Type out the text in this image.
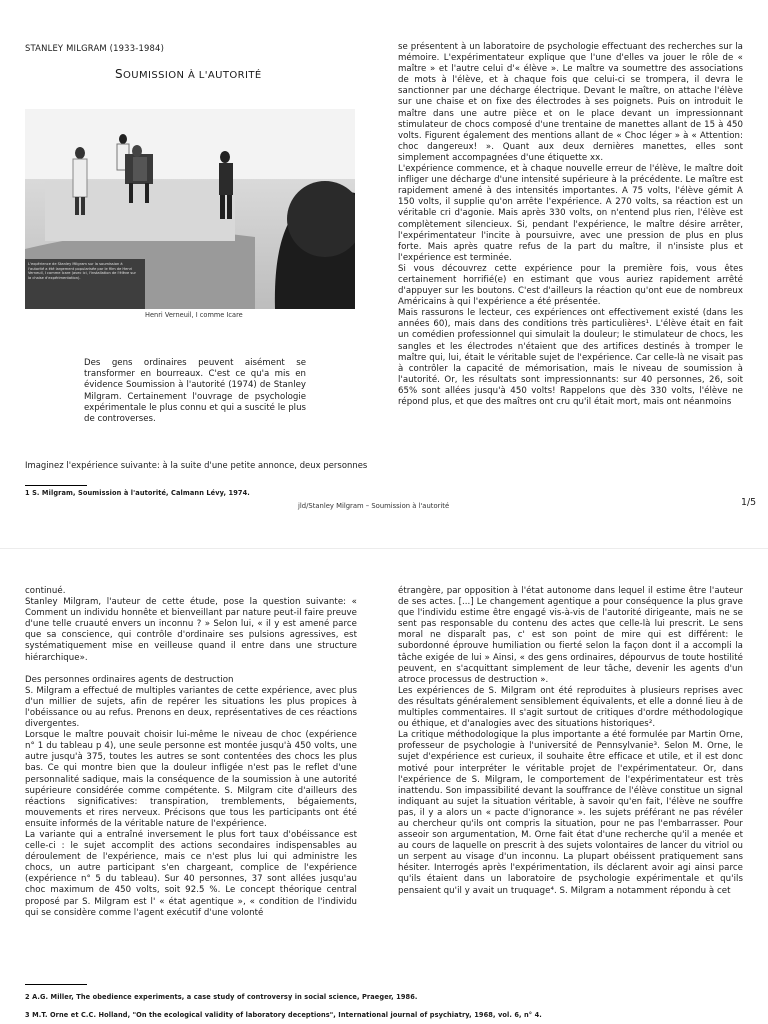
STANLEY MILGRAM (1933-1984)
SOUMISSION À L'AUTORITÉ
L'expérience de Stanley Milgram sur la soumission à l'autorité a été largement popularisée par le film de Henri Verneuil, I comme Icare (avec ici, l'installation de l'élève sur la chaise d'expérimentation).
Henri Verneuil, I comme Icare
Des gens ordinaires peuvent aisément se transformer en bourreaux. C'est ce qu'a mis en évidence Soumission à l'autorité (1974) de Stanley Milgram. Certainement l'ouvrage de psychologie expérimentale le plus connu et qui a suscité le plus de controverses.
Imaginez l'expérience suivante: à la suite d'une petite annonce, deux personnes

se présentent à un laboratoire de psychologie effectuant des recherches sur la mémoire. L'expérimentateur explique que l'une d'elles va jouer le rôle de « maître » et l'autre celui d'« élève ». Le maître va soumettre des associations de mots à l'élève, et à chaque fois que celui-ci se trompera, il devra le sanctionner par une décharge électrique. Devant le maître, on attache l'élève sur une chaise et on fixe des électrodes à ses poignets. Puis on introduit le maître dans une autre pièce et on le place devant un impressionnant stimulateur de chocs composé d'une trentaine de manettes allant de 15 à 450 volts. Figurent également des mentions allant de « Choc léger » à « Attention: choc dangereux! ». Quant aux deux dernières manettes, elles sont simplement accompagnées d'une étiquette xx.

L'expérience commence, et à chaque nouvelle erreur de l'élève, le maître doit infliger une décharge d'une intensité supérieure à la précédente. Le maître est rapidement amené à des intensités importantes. A 75 volts, l'élève gémit A 150 volts, il supplie qu'on arrête l'expérience. A 270 volts, sa réaction est un véritable cri d'agonie. Mais après 330 volts, on n'entend plus rien, l'élève est complètement silencieux. Si, pendant l'expérience, le maître désire arrêter, l'expérimentateur l'incite à poursuivre, avec une pression de plus en plus forte. Mais après quatre refus de la part du maître, il n'insiste plus et l'expérience est terminée.

Si vous découvrez cette expérience pour la première fois, vous êtes certainement horrifié(e) en estimant que vous auriez rapidement arrêté d'appuyer sur les boutons. C'est d'ailleurs la réaction qu'ont eue de nombreux Américains à qui l'expérience a été présentée.

Mais rassurons le lecteur, ces expériences ont effectivement existé (dans les années 60), mais dans des conditions très particulières¹. L'élève était en fait un comédien professionnel qui simulait la douleur; le stimulateur de chocs, les sangles et les électrodes n'étaient que des artifices destinés à tromper le maître qui, lui, était le véritable sujet de l'expérience. Car celle-là ne visait pas à contrôler la capacité de mémorisation, mais le niveau de soumission à l'autorité. Or, les résultats sont impressionnants: sur 40 personnes, 26, soit 65% sont allées jusqu'à 450 volts! Rappelons que dès 330 volts, l'élève ne répond plus, et que des maîtres ont cru qu'il était mort, mais ont néanmoins

1 S. Milgram, Soumission à l'autorité, Calmann Lévy, 1974.
jld/Stanley Milgram – Soumission à l'autorité	1/5

continué.

Stanley Milgram, l'auteur de cette étude, pose la question suivante: « Comment un individu honnête et bienveillant par nature peut-il faire preuve d'une telle cruauté envers un inconnu ? » Selon lui, « il y est amené parce que sa conscience, qui contrôle d'ordinaire ses pulsions agressives, est systématiquement mise en veilleuse quand il entre dans une structure hiérarchique».

Des personnes ordinaires agents de destruction

S. Milgram a effectué de multiples variantes de cette expérience, avec plus d'un millier de sujets, afin de repérer les situations les plus propices à l'obéissance ou au refus. Prenons en deux, représentatives de ces réactions divergentes.

Lorsque le maître pouvait choisir lui-même le niveau de choc (expérience n° 1 du tableau p 4), une seule personne est montée jusqu'à 450 volts, une autre jusqu'à 375, toutes les autres se sont contentées des chocs les plus bas. Ce qui montre bien que la douleur infligée n'est pas le reflet d'une personnalité sadique, mais la conséquence de la soumission à une autorité supérieure considérée comme compétente. S. Milgram cite d'ailleurs des réactions significatives: transpiration, tremblements, bégaiements, mouvements et rires nerveux. Précisons que tous les participants ont été ensuite informés de la véritable nature de l'expérience.

La variante qui a entraîné inversement le plus fort taux d'obéissance est celle-ci : le sujet accomplit des actions secondaires indispensables au déroulement de l'expérience, mais ce n'est plus lui qui administre les chocs, un autre participant s'en chargeant, complice de l'expérience (expérience n° 5 du tableau). Sur 40 personnes, 37 sont allées jusqu'au choc maximum de 450 volts, soit 92.5 %. Le concept théorique central proposé par S. Milgram est l' « état agentique », « condition de l'individu qui se considère comme l'agent exécutif d'une volonté

étrangère, par opposition à l'état autonome dans lequel il estime être l'auteur de ses actes. [...] Le changement agentique a pour conséquence la plus grave que l'individu estime être engagé vis-à-vis de l'autorité dirigeante, mais ne se sent pas responsable du contenu des actes que celle-là lui prescrit. Le sens moral ne disparaît pas, c' est son point de mire qui est différent: le subordonné éprouve humiliation ou fierté selon la façon dont il a accompli la tâche exigée de lui » Ainsi, « des gens ordinaires, dépourvus de toute hostilité peuvent, en s'acquittant simplement de leur tâche, devenir les agents d'un atroce processus de destruction ».

Les expériences de S. Milgram ont été reproduites à plusieurs reprises avec des résultats généralement sensiblement équivalents, et elle a donné lieu à de multiples commentaires. Il s'agit surtout de critiques d'ordre méthodologique ou éthique, et d'analogies avec des situations historiques².

La critique méthodologique la plus importante a été formulée par Martin Orne, professeur de psychologie à l'université de Pennsylvanie³. Selon M. Orne, le sujet d'expérience est curieux, il souhaite être efficace et utile, et il est donc motivé pour interpréter le véritable projet de l'expérimentateur. Or, dans l'expérience de S. Milgram, le comportement de l'expérimentateur est très inattendu. Son impassibilité devant la souffrance de l'élève constitue un signal indiquant au sujet la situation véritable, à savoir qu'en fait, l'élève ne souffre pas, il y a alors un « pacte d'ignorance ». les sujets préférant ne pas révéler au chercheur qu'ils ont compris la situation, pour ne pas l'embarrasser. Pour asseoir son argumentation, M. Orne fait état d'une recherche qu'il a menée et au cours de laquelle on prescrit à des sujets volontaires de lancer du vitriol ou un serpent au visage d'un inconnu. La plupart obéissent pratiquement sans hésiter. Interrogés après l'expérimentation, ils déclarent avoir agi ainsi parce qu'ils étaient dans un laboratoire de psychologie expérimentale et qu'ils pensaient qu'il y avait un truquage⁴. S. Milgram a notamment répondu à cet

2 A.G. Miller, The obedience experiments, a case study of controversy in social science, Praeger, 1986.
3 M.T. Orne et C.C. Holland, "On the ecological validity of laboratory deceptions", International journal of psychiatry, 1968, vol. 6, n° 4.
